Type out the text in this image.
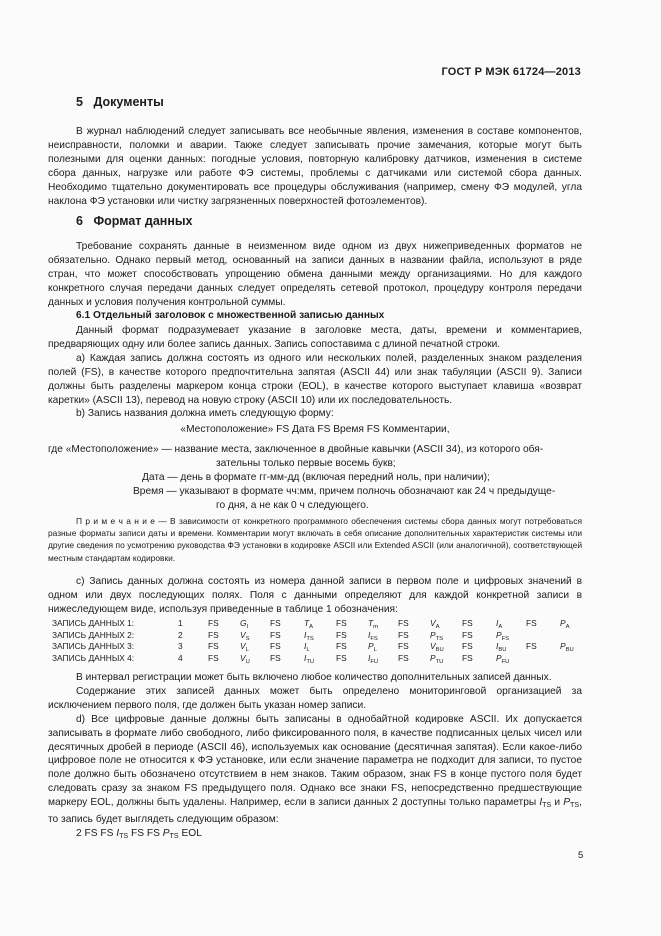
ГОСТ Р МЭК 61724—2013
5 Документы

В журнал наблюдений следует записывать все необычные явления, изменения в составе компонентов, неисправности, поломки и аварии. Также следует записывать прочие замечания, которые могут быть полезными для оценки данных: погодные условия, повторную калибровку датчиков, изменения в системе сбора данных, нагрузке или работе ФЭ системы, проблемы с датчиками или системой сбора данных. Необходимо тщательно документировать все процедуры обслуживания (например, смену ФЭ модулей, угла наклона ФЭ установки или чистку загрязненных поверхностей фотоэлементов).

6 Формат данных

Требование сохранять данные в неизменном виде одном из двух нижеприведенных форматов не обязательно. Однако первый метод, основанный на записи данных в названии файла, используют в ряде стран, что может способствовать упрощению обмена данными между организациями. Но для каждого конкретного случая передачи данных следует определять сетевой протокол, процедуру контроля передачи данных и условия получения контрольной суммы.

6.1 Отдельный заголовок с множественной записью данных

Данный формат подразумевает указание в заголовке места, даты, времени и комментариев, предваряющих одну или более запись данных. Запись сопоставима с длиной печатной строки.

a) Каждая запись должна состоять из одного или нескольких полей, разделенных знаком разделения полей (FS), в качестве которого предпочтительна запятая (ASCII 44) или знак табуляции (ASCII 9). Записи должны быть разделены маркером конца строки (EOL), в качестве которого выступает клавиша «возврат каретки» (ASCII 13), перевод на новую строку (ASCII 10) или их последовательность.

b) Запись названия должна иметь следующую форму:

«Местоположение» FS Дата FS Время FS Комментарии,
где «Местоположение» — название места, заключенное в двойные кавычки (ASCII 34), из которого обя-
зательны только первые восемь букв;
Дата — день в формате гг-мм-дд (включая передний ноль, при наличии);
Время — указывают в формате чч:мм, причем полночь обозначают как 24 ч предыдуще-
го дня, а не как 0 ч следующего.

П р и м е ч а н и е — В зависимости от конкретного программного обеспечения системы сбора данных могут потребоваться разные форматы записи даты и времени. Комментарии могут включать в себя описание дополнительных характеристик системы или другие сведения по усмотрению руководства ФЭ установки в кодировке ASCII или Extended ASCII (или аналогичной), соответствующей местным стандартам кодировки.

c) Запись данных должна состоять из номера данной записи в первом поле и цифровых значений в одном или двух последующих полях. Поля с данными определяют для каждой конкретной записи в нижеследующем виде, используя приведенные в таблице 1 обозначения:

ЗАПИСЬ ДАННЫХ 1:	1	FS	$G_I$	FS	$T_A$	FS	$T_m$ FS	$V_A$	FS	$I_A$	FS	$P_A$
ЗАПИСЬ ДАННЫХ 2:	2	FS	$V_S$ FS	$I_{TS}$	FS	$I_{FS}$ FS	$P_{TS}$ FS	$P_{FS}$
ЗАПИСЬ ДАННЫХ 3:	3	FS	$V_L$	FS	$I_L$	FS	$P_L$	FS	$V_{BU}$ FS	$I_{BU}$ FS	$P_{BU}$
ЗАПИСЬ ДАННЫХ 4:	4	FS	$V_U$ FS	$I_{TU}$	FS	$I_{FU}$ FS	$P_{TU}$ FS	$P_{FU}$

В интервал регистрации может быть включено любое количество дополнительных записей данных.

Содержание этих записей данных может быть определено мониторинговой организацией за исключением первого поля, где должен быть указан номер записи.

d) Все цифровые данные должны быть записаны в однобайтной кодировке ASCII. Их допускается записывать в формате либо свободного, либо фиксированного поля, в качестве подписанных целых чисел или десятичных дробей в периодe (ASCII 46), используемых как основание (десятичная запятая). Если какое-либо цифровое поле не относится к ФЭ установке, или если значение параметра не подходит для записи, то пустое поле должно быть обозначено отсутствием в нем знаков. Таким образом, знак FS в конце пустого поля будет следовать сразу за знаком FS предыдущего поля. Однако все знаки FS, непосредственно предшествующие маркеру EOL, должны быть удалены. Например, если в записи данных 2 доступны только параметры $I_{TS}$ и $P_{TS}$, то запись будет выглядеть следующим образом:

2 FS FS $I_{TS}$ FS FS $P_{TS}$ EOL

5
